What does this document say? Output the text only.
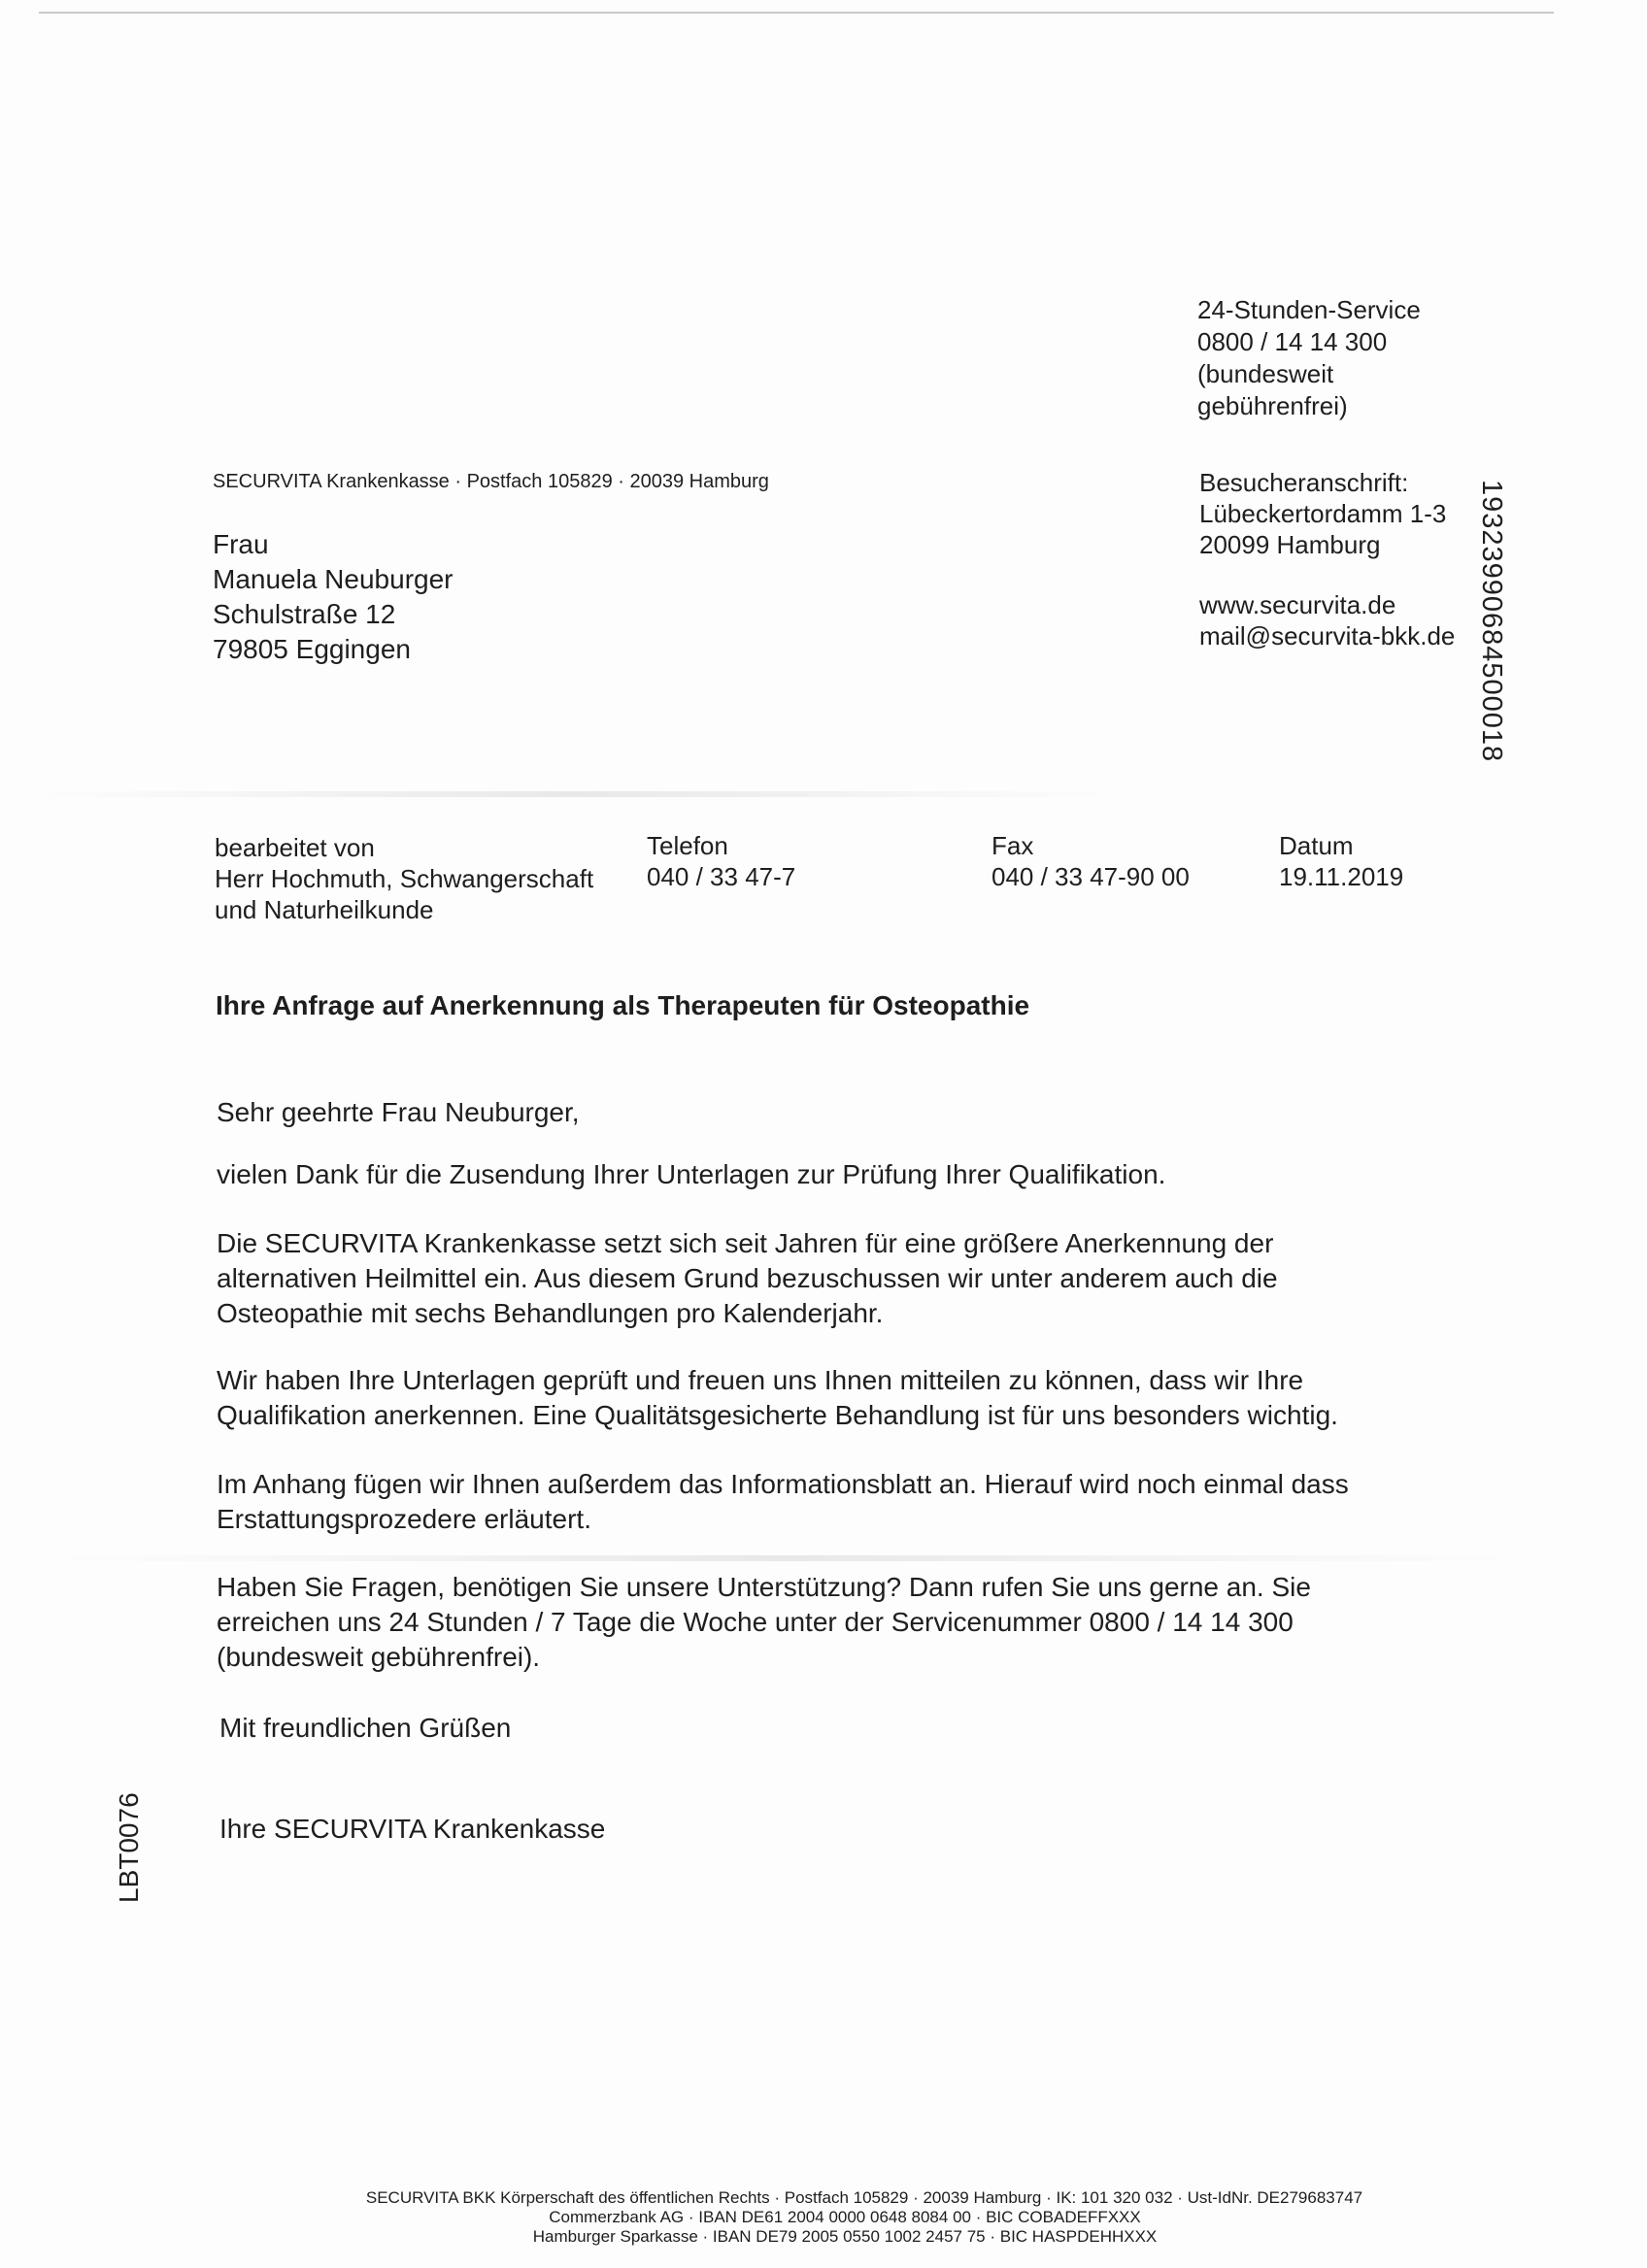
24-Stunden-Service
0800 / 14 14 300
(bundesweit
gebührenfrei)
SECURVITA Krankenkasse · Postfach 105829 · 20039 Hamburg	Besucheranschrift:
Lübeckertordamm 1-3
20099 Hamburg
www.securvita.de
mail@securvita-bkk.de
Frau
Manuela Neuburger
Schulstraße 12
79805 Eggingen	1932399068450001​8
LBT0076
bearbeitet von
Herr Hochmuth, Schwangerschaft
und Naturheilkunde
Telefon
040 / 33 47-7
Fax
040 / 33 47-90 00
Datum
19.11.2019
Ihre Anfrage auf Anerkennung als Therapeuten für Osteopathie
Sehr geehrte Frau Neuburger,
vielen Dank für die Zusendung Ihrer Unterlagen zur Prüfung Ihrer Qualifikation.
Die SECURVITA Krankenkasse setzt sich seit Jahren für eine größere Anerkennung der
alternativen Heilmittel ein. Aus diesem Grund bezuschussen wir unter anderem auch die
Osteopathie mit sechs Behandlungen pro Kalenderjahr.
Wir haben Ihre Unterlagen geprüft und freuen uns Ihnen mitteilen zu können, dass wir Ihre
Qualifikation anerkennen. Eine Qualitätsgesicherte Behandlung ist für uns besonders wichtig.
Im Anhang fügen wir Ihnen außerdem das Informationsblatt an. Hierauf wird noch einmal dass
Erstattungsprozedere erläutert.
Haben Sie Fragen, benötigen Sie unsere Unterstützung? Dann rufen Sie uns gerne an. Sie
erreichen uns 24 Stunden / 7 Tage die Woche unter der Servicenummer 0800 / 14 14 300
(bundesweit gebührenfrei).
Mit freundlichen Grüßen
Ihre SECURVITA Krankenkasse
SECURVITA BKK Körperschaft des öffentlichen Rechts · Postfach 105829 · 20039 Hamburg · IK: 101 320 032 · Ust-IdNr. DE279683747
Commerzbank AG · IBAN DE61 2004 0000 0648 8084 00 · BIC COBADEFFXXX
Hamburger Sparkasse · IBAN DE79 2005 0550 1002 2457 75 · BIC HASPDEHHXXX
